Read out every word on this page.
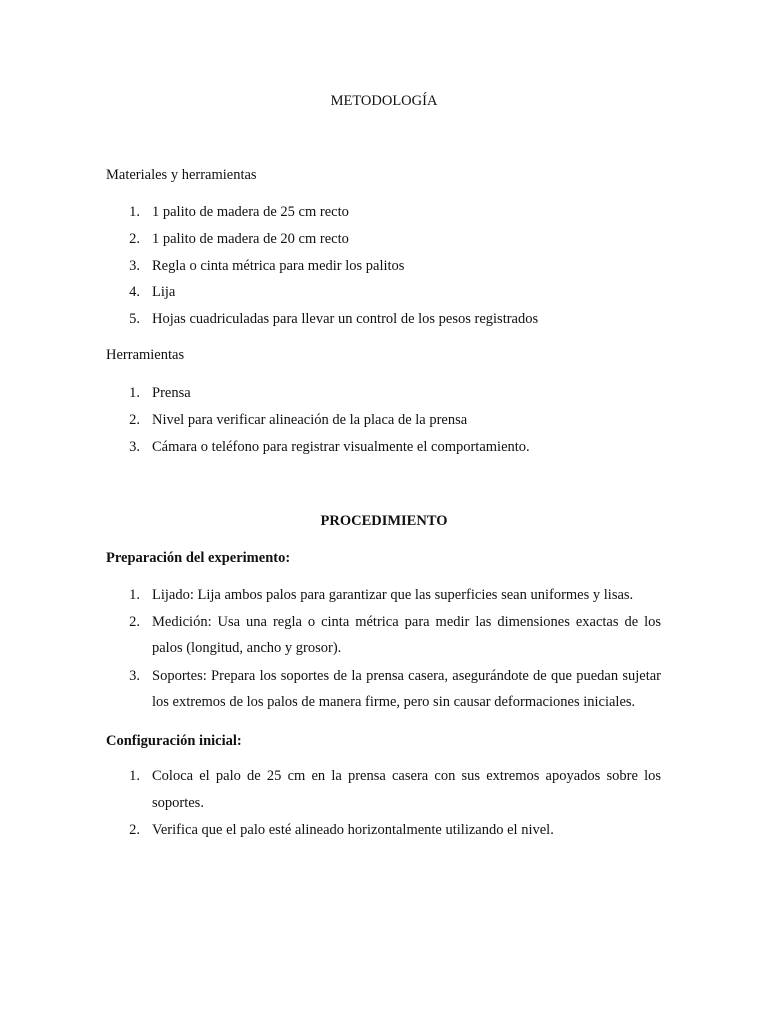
METODOLOGÍA
Materiales y herramientas
1. 1 palito de madera de 25 cm recto
2. 1 palito de madera de 20 cm recto
3. Regla o cinta métrica para medir los palitos
4. Lija
5. Hojas cuadriculadas para llevar un control de los pesos registrados
Herramientas
1. Prensa
2. Nivel para verificar alineación de la placa de la prensa
3. Cámara o teléfono para registrar visualmente el comportamiento.
PROCEDIMIENTO
Preparación del experimento:
1. Lijado: Lija ambos palos para garantizar que las superficies sean uniformes y lisas.
2. Medición: Usa una regla o cinta métrica para medir las dimensiones exactas de los
palos (longitud, ancho y grosor).
3. Soportes: Prepara los soportes de la prensa casera, asegurándote de que puedan sujetar
los extremos de los palos de manera firme, pero sin causar deformaciones iniciales.
Configuración inicial:
1. Coloca el palo de 25 cm en la prensa casera con sus extremos apoyados sobre los
soportes.
2. Verifica que el palo esté alineado horizontalmente utilizando el nivel.
